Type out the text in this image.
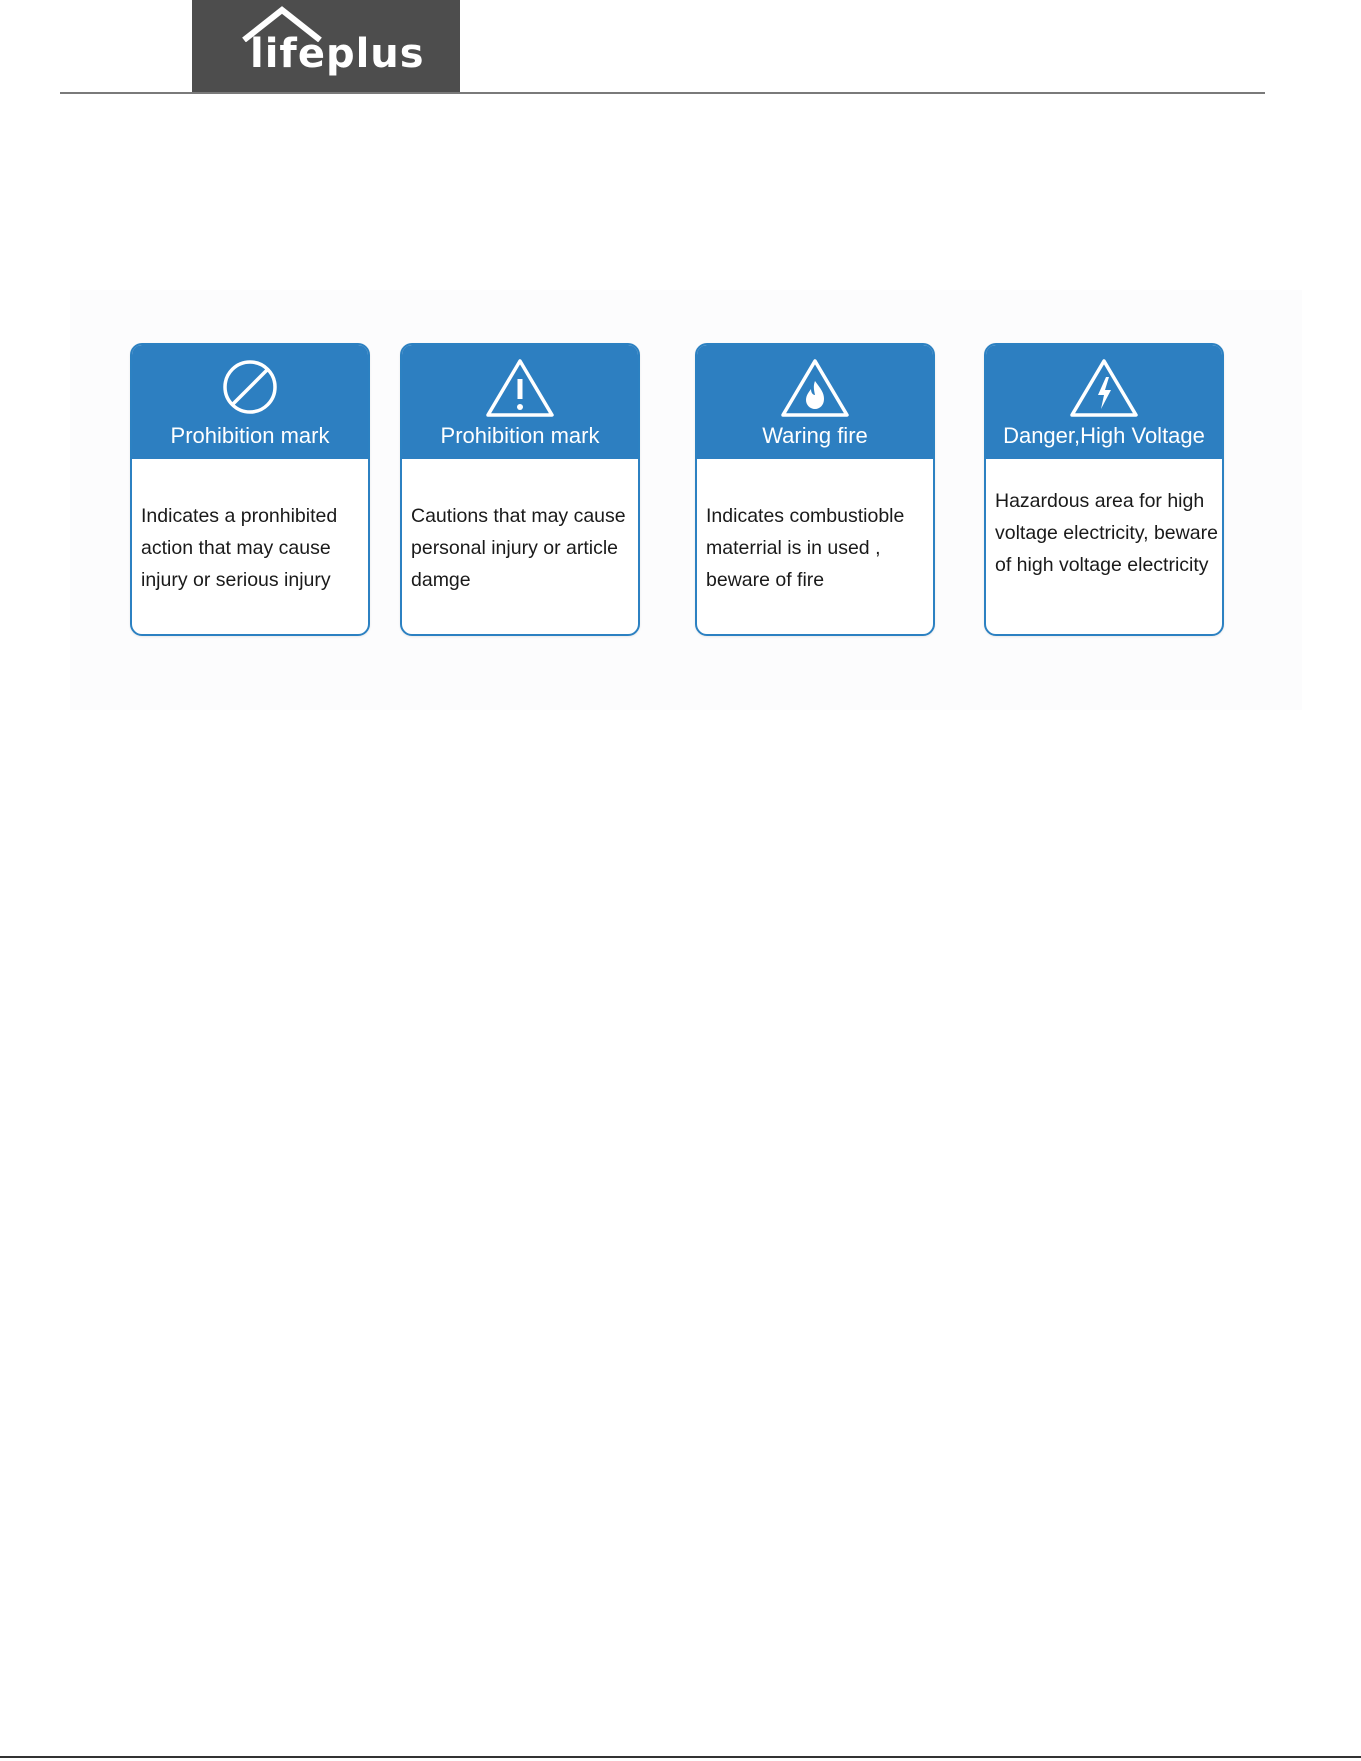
lifeplus
Prohibition mark
Indicates a pronhibited action that may cause injury or serious injury
Prohibition mark
Cautions that may cause personal injury or article damge
Waring fire
Indicates combustioble materrial is in used , beware of fire
Danger,High Voltage
Hazardous area for high voltage electricity, beware of high voltage electricity
